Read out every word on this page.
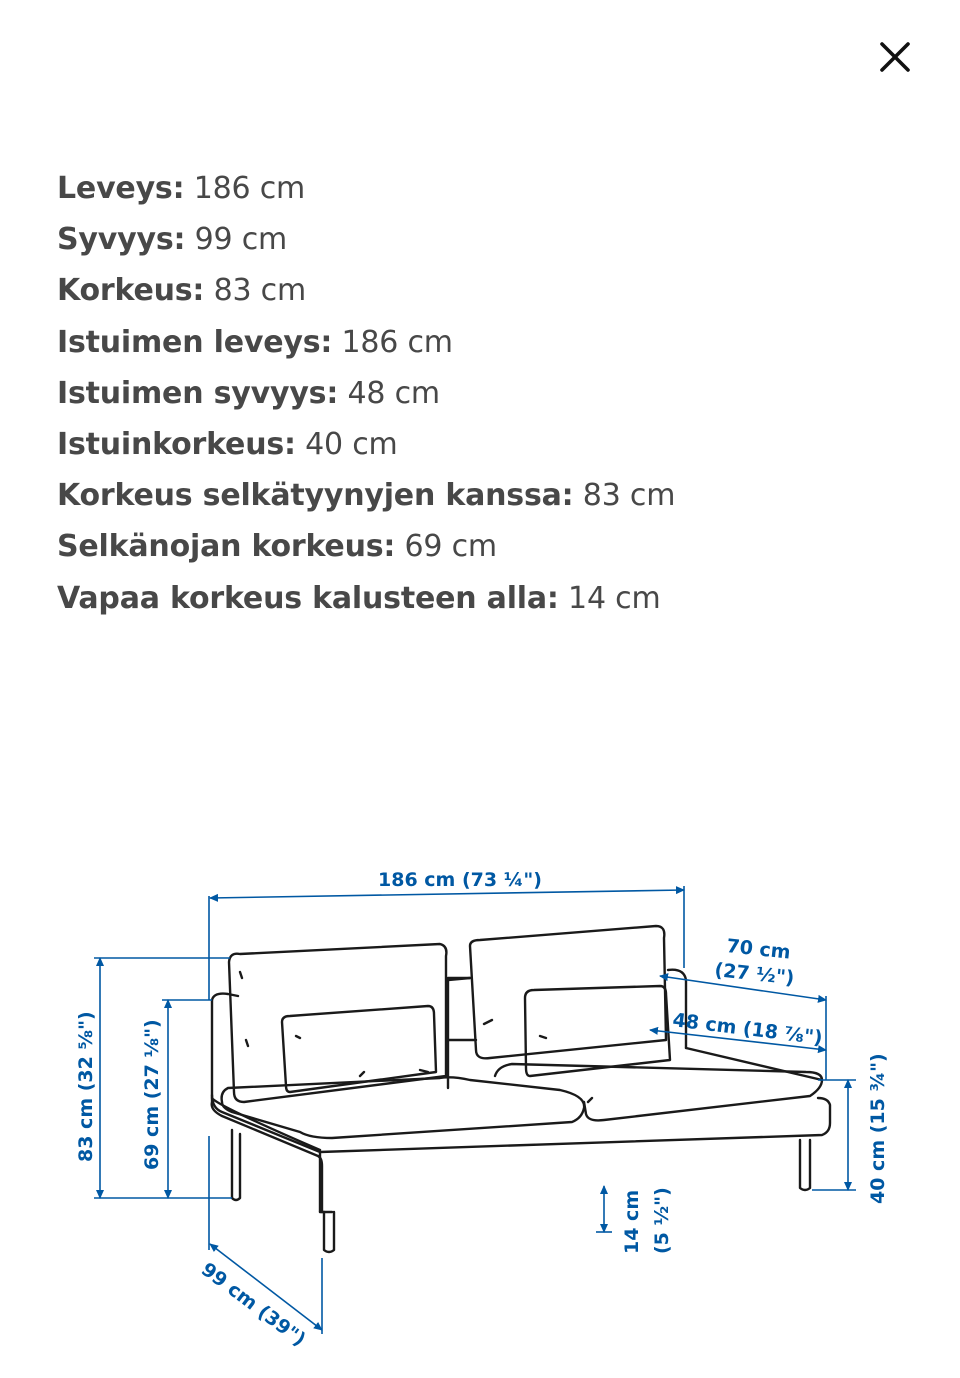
Leveys: 186 cm
Syvyys: 99 cm
Korkeus: 83 cm
Istuimen leveys: 186 cm
Istuimen syvyys: 48 cm
Istuinkorkeus: 40 cm
Korkeus selkätyynyjen kanssa: 83 cm
Selkänojan korkeus: 69 cm
Vapaa korkeus kalusteen alla: 14 cm
186 cm (73 ¼")
70 cm
(27 ½")
48 cm (18 ⅞")
83 cm (32 ⅝") 69 cm (27 ⅛")	40 cm (15 ¾")
14 cm (5 ½")
99 cm (39")
